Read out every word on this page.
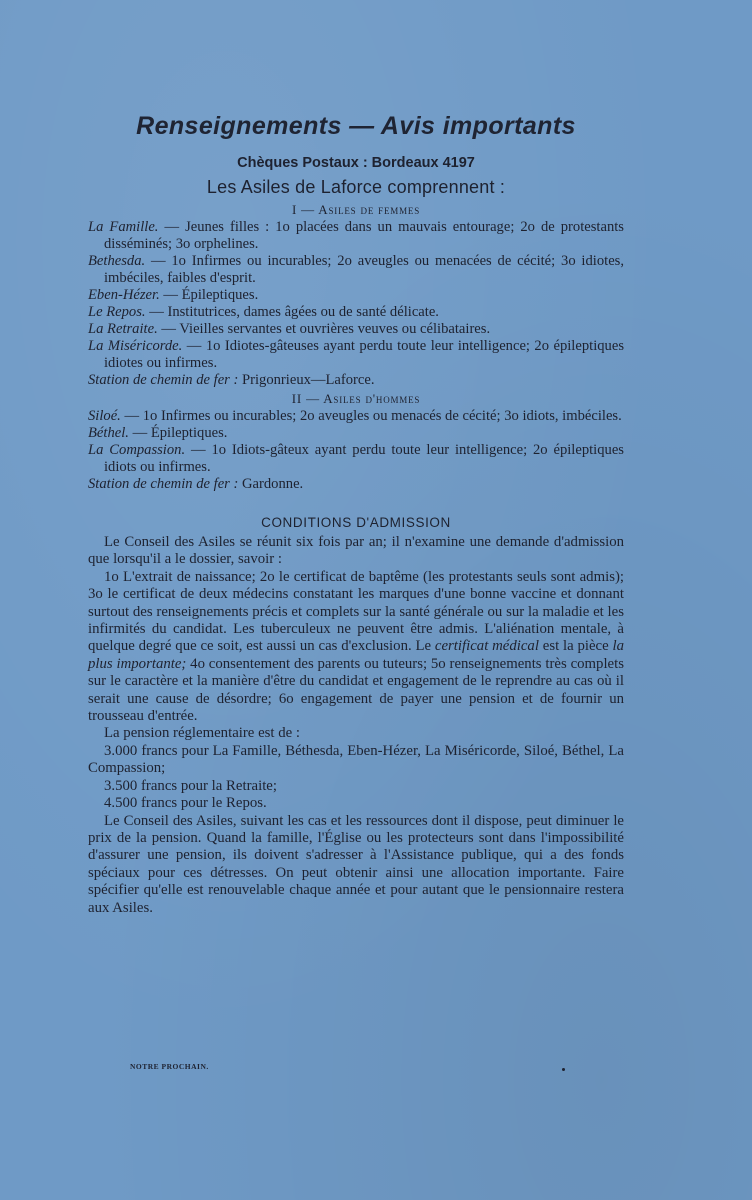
Renseignements — Avis importants
Chèques Postaux : Bordeaux 4197
Les Asiles de Laforce comprennent :
I — Asiles de femmes

La Famille. — Jeunes filles : 1o placées dans un mauvais entourage; 2o de protestants disséminés; 3o orphelines.

Bethesda. — 1o Infirmes ou incurables; 2o aveugles ou menacées de cécité; 3o idiotes, imbéciles, faibles d'esprit.

Eben-Hézer. — Épileptiques.

Le Repos. — Institutrices, dames âgées ou de santé délicate.

La Retraite. — Vieilles servantes et ouvrières veuves ou célibataires.

La Miséricorde. — 1o Idiotes-gâteuses ayant perdu toute leur intelligence; 2o épileptiques idiotes ou infirmes.

Station de chemin de fer : Prigonrieux—Laforce.

II — Asiles d'hommes

Siloé. — 1o Infirmes ou incurables; 2o aveugles ou menacés de cécité; 3o idiots, imbéciles.

Béthel. — Épileptiques.

La Compassion. — 1o Idiots-gâteux ayant perdu toute leur intelligence; 2o épileptiques idiots ou infirmes.

Station de chemin de fer : Gardonne.

CONDITIONS D'ADMISSION

Le Conseil des Asiles se réunit six fois par an; il n'examine une demande d'admission que lorsqu'il a le dossier, savoir :

1o L'extrait de naissance; 2o le certificat de baptême (les protestants seuls sont admis); 3o le certificat de deux médecins constatant les marques d'une bonne vaccine et donnant surtout des renseignements précis et complets sur la santé générale ou sur la maladie et les infirmités du candidat. Les tuberculeux ne peuvent être admis. L'aliénation mentale, à quelque degré que ce soit, est aussi un cas d'exclusion. Le certificat médical est la pièce la plus importante; 4o consentement des parents ou tuteurs; 5o renseignements très complets sur le caractère et la manière d'être du candidat et engagement de le reprendre au cas où il serait une cause de désordre; 6o engagement de payer une pension et de fournir un trousseau d'entrée.

La pension réglementaire est de :

3.000 francs pour La Famille, Béthesda, Eben-Hézer, La Miséricorde, Siloé, Béthel, La Compassion;

3.500 francs pour la Retraite;

4.500 francs pour le Repos.

Le Conseil des Asiles, suivant les cas et les ressources dont il dispose, peut diminuer le prix de la pension. Quand la famille, l'Église ou les protecteurs sont dans l'impossibilité d'assurer une pension, ils doivent s'adresser à l'Assistance publique, qui a des fonds spéciaux pour ces détresses. On peut obtenir ainsi une allocation importante. Faire spécifier qu'elle est renouvelable chaque année et pour autant que le pensionnaire restera aux Asiles.

NOTRE PROCHAIN.
